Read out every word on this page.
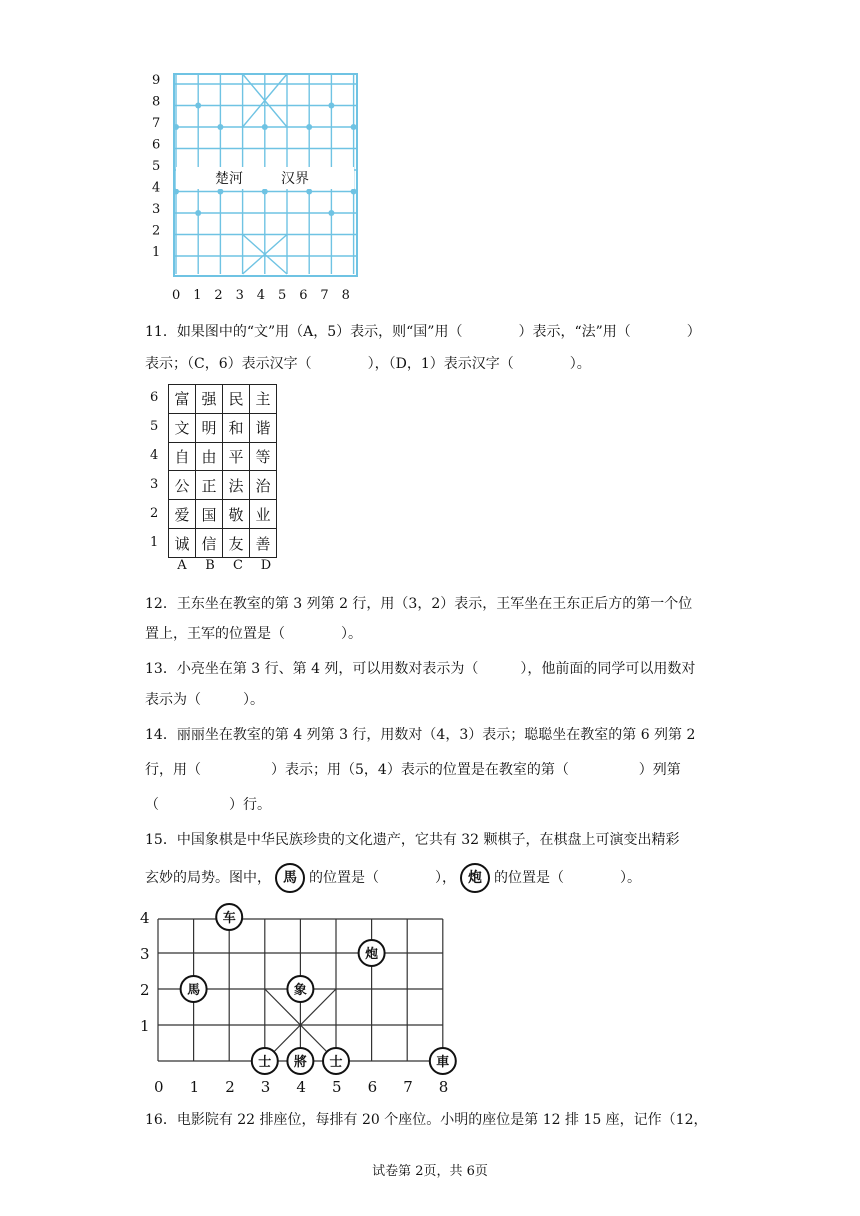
9
8
7
6
5
4
3
2
1
0 1 2 3 4 5 6 7 8
楚河	汉界
11．如果图中的“文”用（A，5）表示，则“国”用（　　　　）表示，“法”用（　　　　）
表示；（C，6）表示汉字（　　　　），（D，1）表示汉字（　　　　）。
6
5
4
3
2
1
富	强	民	主
文	明	和	谐
自	由	平	等
公	正	法	治
爱	国	敬	业
诚	信	友	善
A	B	C	D
12．王东坐在教室的第 3 列第 2 行，用（3，2）表示，王军坐在王东正后方的第一个位
置上，王军的位置是（　　　　）。
13．小亮坐在第 3 行、第 4 列，可以用数对表示为（　　　），他前面的同学可以用数对
表示为（　　　）。
14．丽丽坐在教室的第 4 列第 3 行，用数对（4，3）表示；聪聪坐在教室的第 6 列第 2
行，用（　　　　　）表示；用（5，4）表示的位置是在教室的第（　　　　　）列第
（　　　　　）行。
15．中国象棋是中华民族珍贵的文化遗产，它共有 32 颗棋子，在棋盘上可演变出精彩
玄妙的局势。图中， 馬 的位置是（　　　　）， 炮 的位置是（　　　　）。
4
3
2
1
0 1 2 3 4 5 6 7 8
车
炮
馬	象
士 將 士	車
16．电影院有 22 排座位，每排有 20 个座位。小明的座位是第 12 排 15 座，记作（12，
试卷第 2页，共 6页
